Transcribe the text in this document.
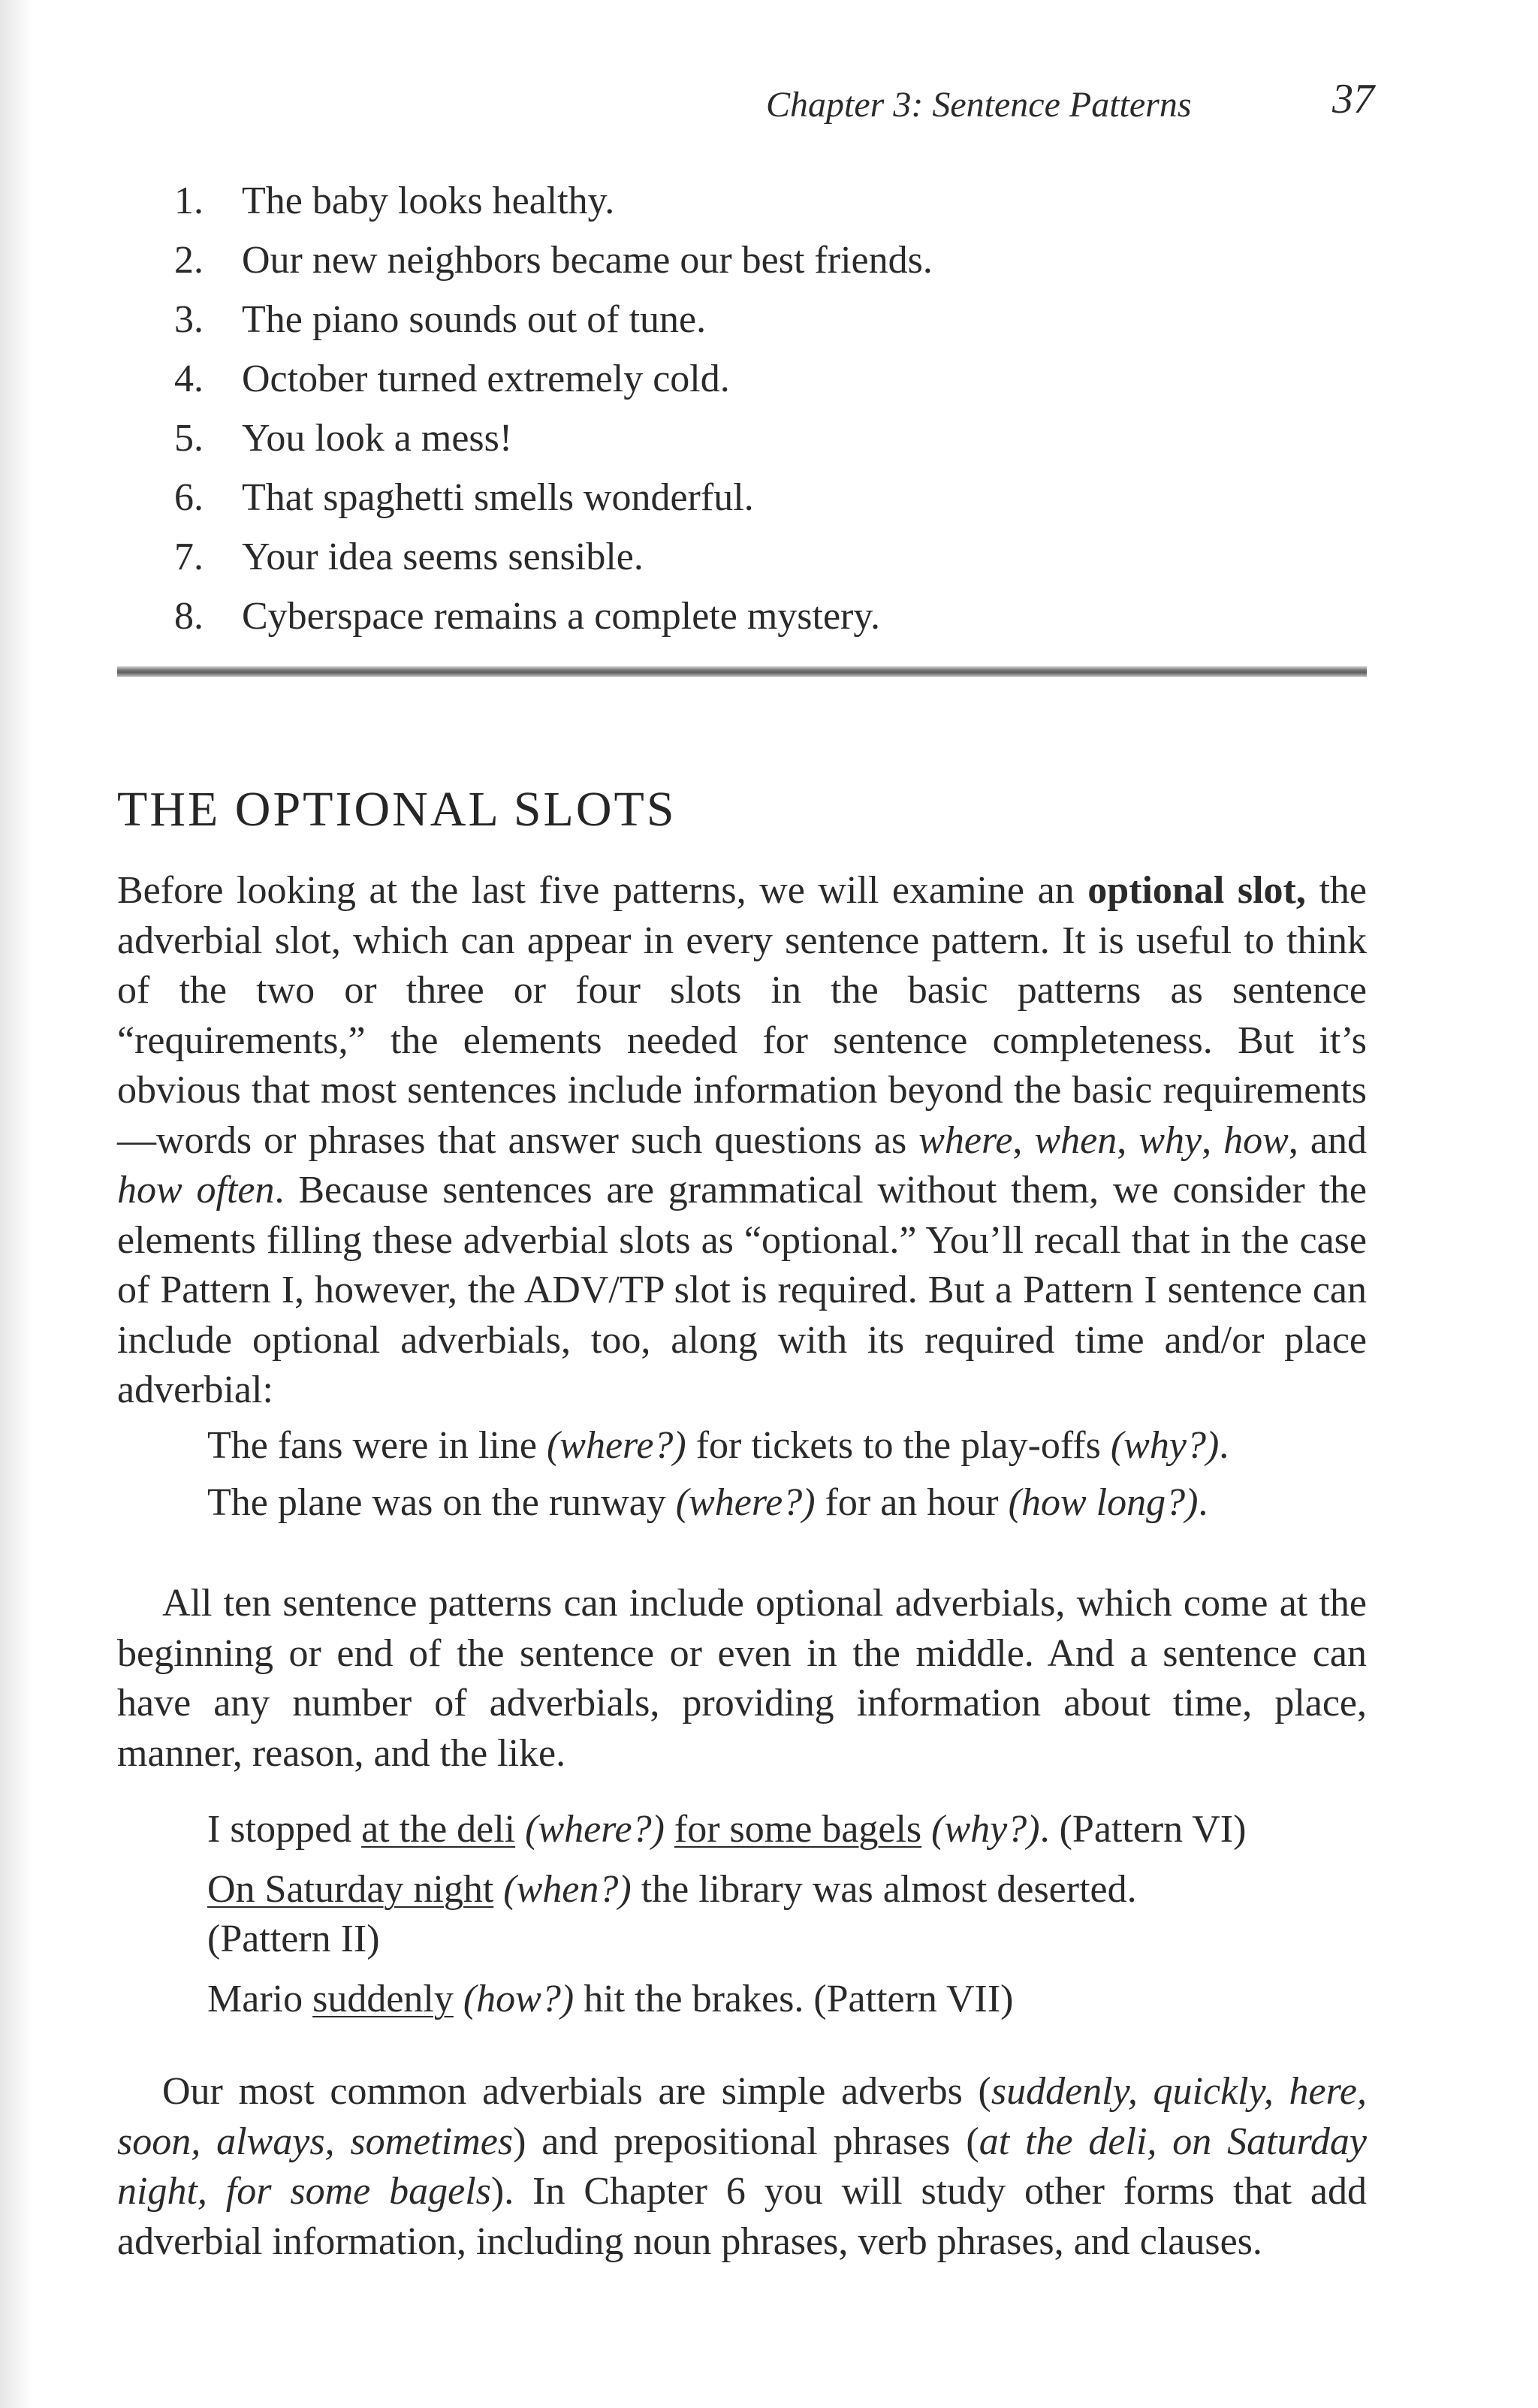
Chapter 3: Sentence Patterns	37
1. The baby looks healthy.
2. Our new neighbors became our best friends.
3. The piano sounds out of tune.
4. October turned extremely cold.
5. You look a mess!
6. That spaghetti smells wonderful.
7. Your idea seems sensible.
8. Cyberspace remains a complete mystery.
THE OPTIONAL SLOTS

Before looking at the last five patterns, we will examine an optional slot, the adverbial slot, which can appear in every sentence pattern. It is useful to think of the two or three or four slots in the basic patterns as sentence “requirements,” the elements needed for sentence completeness. But it’s obvious that most sentences include information beyond the basic requirements—words or phrases that answer such questions as where, when, why, how, and how often. Because sentences are grammatical without them, we consider the elements filling these adverbial slots as “optional.” You’ll recall that in the case of Pattern I, however, the ADV/TP slot is required. But a Pattern I sentence can include optional adverbials, too, along with its required time and/or place adverbial:

The fans were in line (where?) for tickets to the play-offs (why?).
The plane was on the runway (where?) for an hour (how long?).

All ten sentence patterns can include optional adverbials, which come at the beginning or end of the sentence or even in the middle. And a sentence can have any number of adverbials, providing information about time, place, manner, reason, and the like.

I stopped at the deli (where?) for some bagels (why?). (Pattern VI)
On Saturday night (when?) the library was almost deserted.
(Pattern II)
Mario suddenly (how?) hit the brakes. (Pattern VII)

Our most common adverbials are simple adverbs (suddenly, quickly, here, soon, always, sometimes) and prepositional phrases (at the deli, on Saturday night, for some bagels). In Chapter 6 you will study other forms that add adverbial information, including noun phrases, verb phrases, and clauses.
